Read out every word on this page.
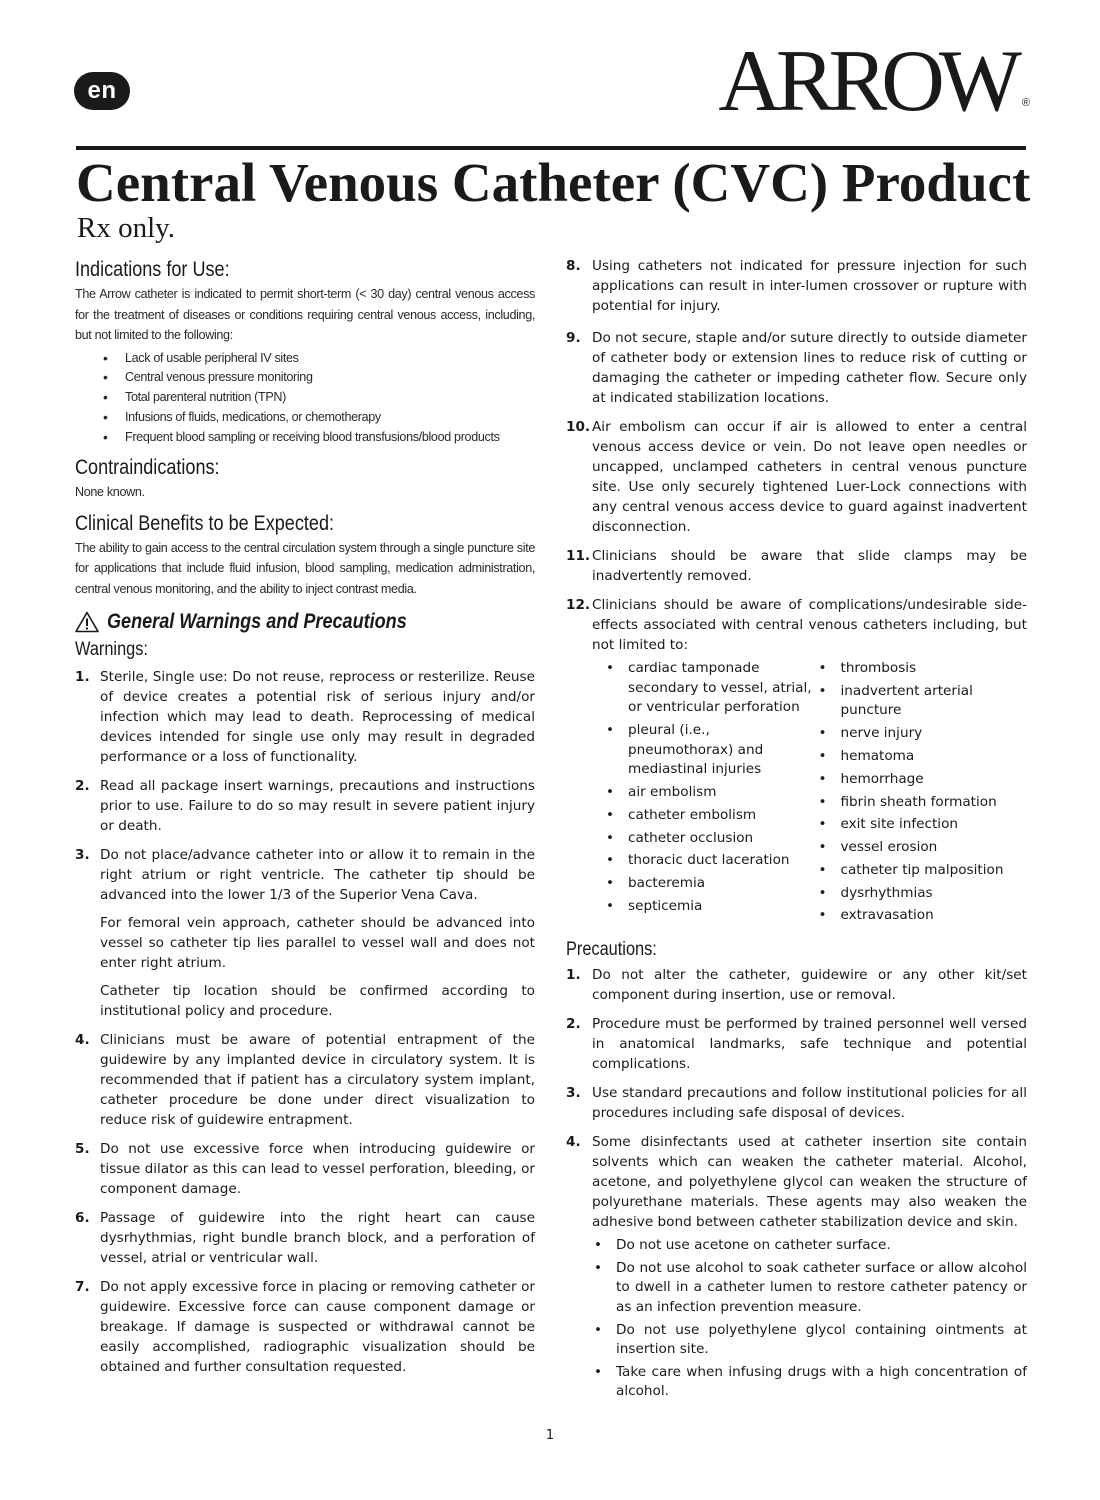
en	ARROW ®
Central Venous Catheter (CVC) Product
Rx only.
Indications for Use:

The Arrow catheter is indicated to permit short-term (< 30 day) central venous access for the treatment of diseases or conditions requiring central venous access, including, but not limited to the following:

• Lack of usable peripheral IV sites
• Central venous pressure monitoring
• Total parenteral nutrition (TPN)
• Infusions of fluids, medications, or chemotherapy
• Frequent blood sampling or receiving blood transfusions/blood products
Contraindications:
None known.
Clinical Benefits to be Expected:

The ability to gain access to the central circulation system through a single puncture site for applications that include fluid infusion, blood sampling, medication administration, central venous monitoring, and the ability to inject contrast media.

General Warnings and Precautions
Warnings:
1. Sterile, Single use: Do not reuse, reprocess or resterilize. Reuse of device creates a potential risk of serious injury and/or infection which may lead to death. Reprocessing of medical devices intended for single use only may result in degraded performance or a loss of functionality.
2. Read all package insert warnings, precautions and instructions prior to use. Failure to do so may result in severe patient injury or death.
3. Do not place/advance catheter into or allow it to remain in the right atrium or right ventricle. The catheter tip should be advanced into the lower 1/3 of the Superior Vena Cava.

For femoral vein approach, catheter should be advanced into vessel so catheter tip lies parallel to vessel wall and does not enter right atrium.

Catheter tip location should be confirmed according to institutional policy and procedure.

4. Clinicians must be aware of potential entrapment of the guidewire by any implanted device in circulatory system. It is recommended that if patient has a circulatory system implant, catheter procedure be done under direct visualization to reduce risk of guidewire entrapment.
5. Do not use excessive force when introducing guidewire or tissue dilator as this can lead to vessel perforation, bleeding, or component damage.
6. Passage of guidewire into the right heart can cause dysrhythmias, right bundle branch block, and a perforation of vessel, atrial or ventricular wall.
7. Do not apply excessive force in placing or removing catheter or guidewire. Excessive force can cause component damage or breakage. If damage is suspected or withdrawal cannot be easily accomplished, radiographic visualization should be obtained and further consultation requested.
8. Using catheters not indicated for pressure injection for such applications can result in inter-lumen crossover or rupture with potential for injury.
9. Do not secure, staple and/or suture directly to outside diameter of catheter body or extension lines to reduce risk of cutting or damaging the catheter or impeding catheter flow. Secure only at indicated stabilization locations.
10. Air embolism can occur if air is allowed to enter a central venous access device or vein. Do not leave open needles or uncapped, unclamped catheters in central venous puncture site. Use only securely tightened Luer-Lock connections with any central venous access device to guard against inadvertent disconnection.
11. Clinicians should be aware that slide clamps may be inadvertently removed.
12. Clinicians should be aware of complications/undesirable side-effects associated with central venous catheters including, but not limited to:
• cardiac tamponade secondary to vessel, atrial, or ventricular perforation
• pleural (i.e., pneumothorax) and mediastinal injuries
• air embolism
• catheter embolism
• catheter occlusion
• thoracic duct laceration
• bacteremia
• septicemia
• thrombosis
• inadvertent arterial puncture
• nerve injury
• hematoma
• hemorrhage
• fibrin sheath formation
• exit site infection
• vessel erosion
• catheter tip malposition
• dysrhythmias
• extravasation
Precautions:
1. Do not alter the catheter, guidewire or any other kit/set component during insertion, use or removal.
2. Procedure must be performed by trained personnel well versed in anatomical landmarks, safe technique and potential complications.
3. Use standard precautions and follow institutional policies for all procedures including safe disposal of devices.
4. Some disinfectants used at catheter insertion site contain solvents which can weaken the catheter material. Alcohol, acetone, and polyethylene glycol can weaken the structure of polyurethane materials. These agents may also weaken the adhesive bond between catheter stabilization device and skin.
• Do not use acetone on catheter surface.
• Do not use alcohol to soak catheter surface or allow alcohol to dwell in a catheter lumen to restore catheter patency or as an infection prevention measure.
• Do not use polyethylene glycol containing ointments at insertion site.
• Take care when infusing drugs with a high concentration of alcohol.
1
